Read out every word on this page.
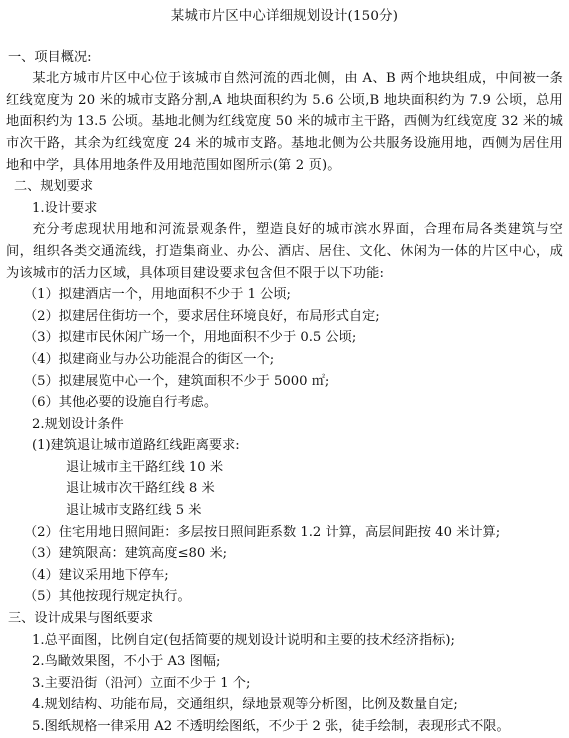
某城市片区中心详细规划设计(150分)

一、项目概况:

某北方城市片区中心位于该城市自然河流的西北侧，由 A、B 两个地块组成，中间被一条红线宽度为 20 米的城市支路分割,A 地块面积约为 5.6 公顷,B 地块面积约为 7.9 公顷，总用地面积约为 13.5 公顷。基地北侧为红线宽度 50 米的城市主干路，西侧为红线宽度 32 米的城市次干路，其余为红线宽度 24 米的城市支路。基地北侧为公共服务设施用地，西侧为居住用地和中学，具体用地条件及用地范围如图所示(第 2 页)。

二、规划要求

1.设计要求

充分考虑现状用地和河流景观条件，塑造良好的城市滨水界面，合理布局各类建筑与空间，组织各类交通流线，打造集商业、办公、酒店、居住、文化、休闲为一体的片区中心，成为该城市的活力区域，具体项目建设要求包含但不限于以下功能:

（1）拟建酒店一个，用地面积不少于 1 公顷;

（2）拟建居住街坊一个，要求居住环境良好，布局形式自定;

（3）拟建市民休闲广场一个，用地面积不少于 0.5 公顷;

（4）拟建商业与办公功能混合的街区一个;

（5）拟建展览中心一个，建筑面积不少于 5000 ㎡;

（6）其他必要的设施自行考虑。

2.规划设计条件

(1)建筑退让城市道路红线距离要求:

退让城市主干路红线 10 米

退让城市次干路红线 8 米

退让城市支路红线 5 米

（2）住宅用地日照间距：多层按日照间距系数 1.2 计算，高层间距按 40 米计算;

（3）建筑限高：建筑高度≤80 米;

（4）建议采用地下停车;

（5）其他按现行规定执行。

三、设计成果与图纸要求

1.总平面图，比例自定(包括简要的规划设计说明和主要的技术经济指标);

2.鸟瞰效果图，不小于 A3 图幅;

3.主要沿街（沿河）立面不少于 1 个;

4.规划结构、功能布局，交通组织，绿地景观等分析图，比例及数量自定;

5.图纸规格一律采用 A2 不透明绘图纸，不少于 2 张，徒手绘制，表现形式不限。
